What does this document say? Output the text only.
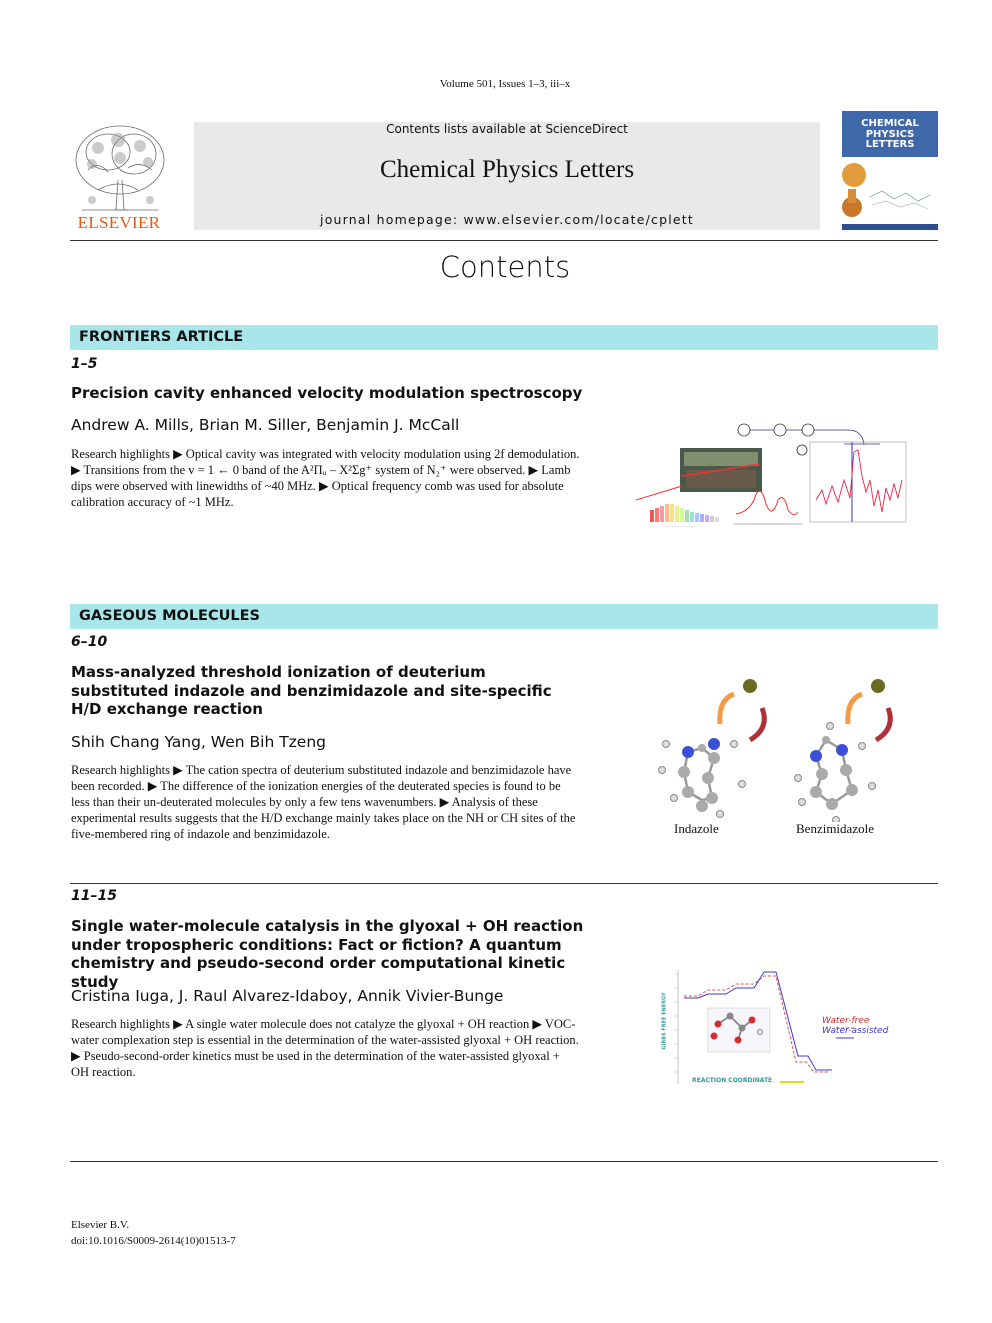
Volume 501, Issues 1–3, iii–x
ELSEVIER
Contents lists available at ScienceDirect
Chemical Physics Letters
journal homepage: www.elsevier.com/locate/cplett
CHEMICAL PHYSICS LETTERS
Contents
FRONTIERS ARTICLE
1–5
Precision cavity enhanced velocity modulation spectroscopy
Andrew A. Mills, Brian M. Siller, Benjamin J. McCall
Research highlights ▶ Optical cavity was integrated with velocity modulation using 2f demodulation. ▶ Transitions from the v = 1 ← 0 band of the A²Πᵤ – X²Σg⁺ system of N₂⁺ were observed. ▶ Lamb dips were observed with linewidths of ~40 MHz. ▶ Optical frequency comb was used for absolute calibration accuracy of ~1 MHz.
· · · · · · · · · ·
GASEOUS MOLECULES
6–10
Mass-analyzed threshold ionization of deuterium substituted indazole and benzimidazole and site-specific H/D exchange reaction
Shih Chang Yang, Wen Bih Tzeng
Research highlights ▶ The cation spectra of deuterium substituted indazole and benzimidazole have been recorded. ▶ The difference of the ionization energies of the deuterated species is found to be less than their un-deuterated molecules by only a few tens wavenumbers. ▶ Analysis of these experimental results suggests that the H/D exchange mainly takes place on the NH or CH sites of the five-membered ring of indazole and benzimidazole.	Indazole	Benzimidazole
11–15
Single water-molecule catalysis in the glyoxal + OH reaction under tropospheric conditions: Fact or fiction? A quantum chemistry and pseudo-second order computational kinetic study
Cristina Iuga, J. Raul Alvarez-Idaboy, Annik Vivier-Bunge
Research highlights ▶ A single water molecule does not catalyze the glyoxal + OH reaction ▶ VOC-water complexation step is essential in the determination of the water-assisted glyoxal + OH reaction. ▶ Pseudo-second-order kinetics must be used in the determination of the water-assisted glyoxal + OH reaction.
Water-free
Water-assisted
REACTION COORDINATE
GIBBS FREE ENERGY
Elsevier B.V.
doi:10.1016/S0009-2614(10)01513-7
